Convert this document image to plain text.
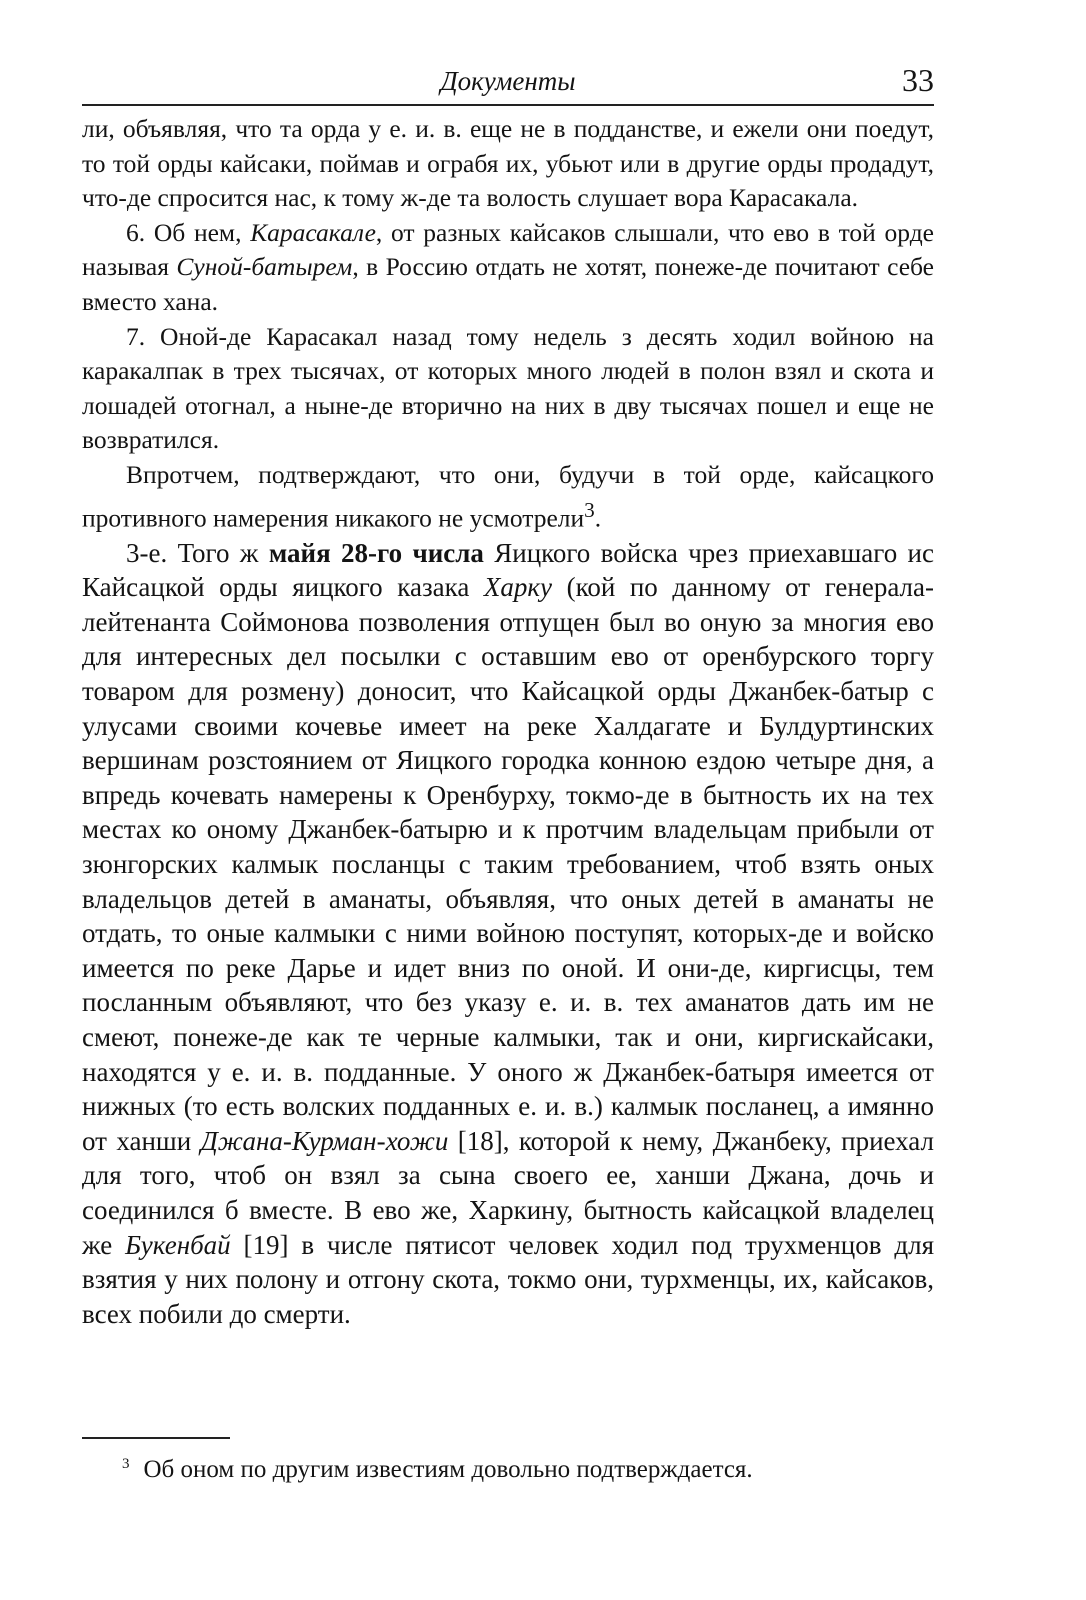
Документы	33

ли, объявляя, что та орда у е. и. в. еще не в подданстве, и ежели они поедут, то той орды кайсаки, поймав и ограбя их, убьют или в другие орды продадут, что-де спросится нас, к тому ж-де та волость слушает вора Карасакала.

6. Об нем, Карасакале, от разных кайсаков слышали, что ево в той орде называя Суной-батырем, в Россию отдать не хотят, понеже-де почитают себе вместо хана.

7. Оной-де Карасакал назад тому недель з десять ходил войною на каракалпак в трех тысячах, от которых много людей в полон взял и скота и лошадей отогнал, а ныне-де вторично на них в дву тысячах пошел и еще не возвратился.

Впротчем, подтверждают, что они, будучи в той орде, кайсацкого противного намерения никакого не усмотрели$^3$.

3-е. Того ж майя 28-го числа Яицкого войска чрез приехавшаго ис Кайсацкой орды яицкого казака Харку (кой по данному от генерала-лейтенанта Соймонова позволения отпущен был во оную за многия ево для интересных дел посылки с оставшим ево от оренбурского торгу товаром для розмену) доносит, что Кайсацкой орды Джанбек-батыр с улусами своими кочевье имеет на реке Халдагате и Булдуртинских вершинам розстоянием от Яицкого городка конною ездою четыре дня, а впредь кочевать намерены к Оренбурху, токмо-де в бытность их на тех местах ко оному Джанбек-батырю и к протчим владельцам прибыли от зюнгорских калмык посланцы с таким требованием, чтоб взять оных владельцов детей в аманаты, объявляя, что оных детей в аманаты не отдать, то оные калмыки с ними войною поступят, которых-де и войско имеется по реке Дарье и идет вниз по оной. И они-де, киргисцы, тем посланным объявляют, что без указу е. и. в. тех аманатов дать им не смеют, понеже-де как те черные калмыки, так и они, киргискайсаки, находятся у е. и. в. подданные. У оного ж Джанбек-батыря имеется от нижных (то есть волских подданных е. и. в.) калмык посланец, а имянно от ханши Джана-Курман-хожи [18], которой к нему, Джанбеку, приехал для того, чтоб он взял за сына своего ее, ханши Джана, дочь и соединился б вместе. В ево же, Харкину, бытность кайсацкой владелец же Букенбай [19] в числе пятисот человек ходил под трухменцов для взятия у них полону и отгону скота, токмо они, турхменцы, их, кайсаков, всех побили до смерти.

$^3$ Об оном по другим известиям довольно подтверждается.
